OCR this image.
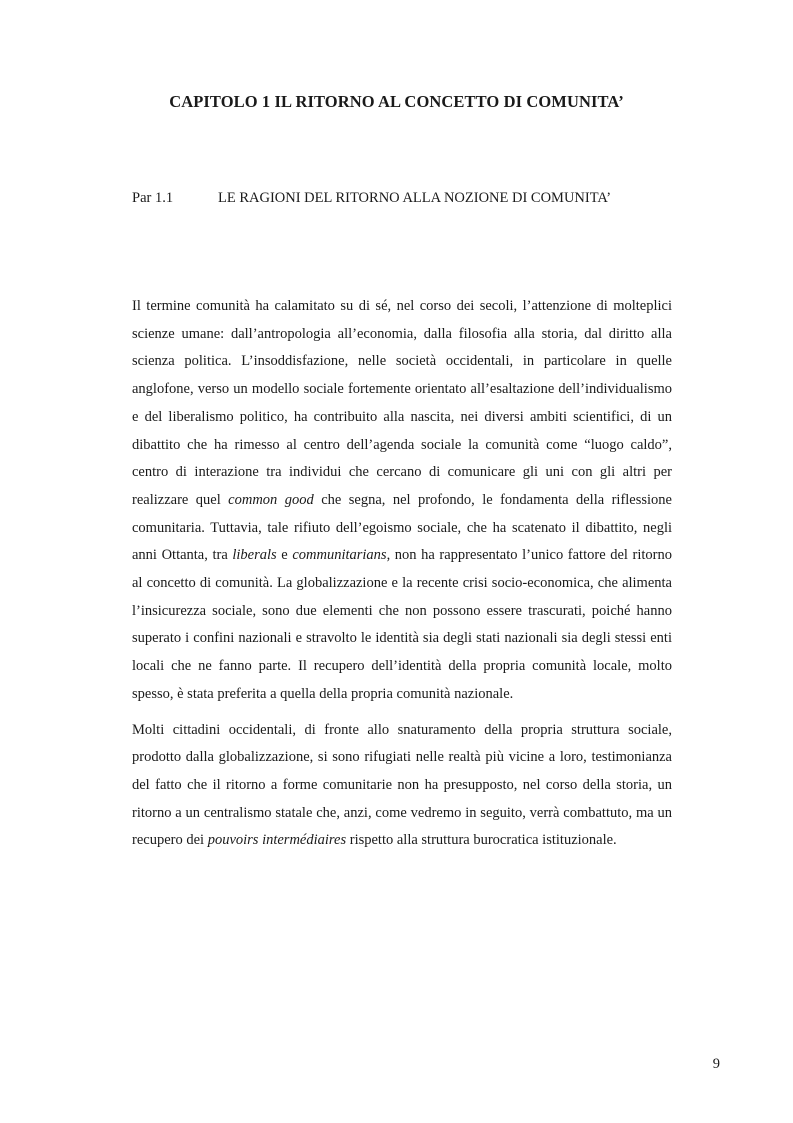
CAPITOLO 1 IL RITORNO AL CONCETTO DI COMUNITA’
Par 1.1	LE RAGIONI DEL RITORNO ALLA NOZIONE DI COMUNITA’

Il termine comunità ha calamitato su di sé, nel corso dei secoli, l’attenzione di molteplici scienze umane: dall’antropologia all’economia, dalla filosofia alla storia, dal diritto alla scienza politica. L’insoddisfazione, nelle società occidentali, in particolare in quelle anglofone, verso un modello sociale fortemente orientato all’esaltazione dell’individualismo e del liberalismo politico, ha contribuito alla nascita, nei diversi ambiti scientifici, di un dibattito che ha rimesso al centro dell’agenda sociale la comunità come “luogo caldo”, centro di interazione tra individui che cercano di comunicare gli uni con gli altri per realizzare quel common good che segna, nel profondo, le fondamenta della riflessione comunitaria. Tuttavia, tale rifiuto dell’egoismo sociale, che ha scatenato il dibattito, negli anni Ottanta, tra liberals e communitarians, non ha rappresentato l’unico fattore del ritorno al concetto di comunità. La globalizzazione e la recente crisi socio-economica, che alimenta l’insicurezza sociale, sono due elementi che non possono essere trascurati, poiché hanno superato i confini nazionali e stravolto le identità sia degli stati nazionali sia degli stessi enti locali che ne fanno parte. Il recupero dell’identità della propria comunità locale, molto spesso, è stata preferita a quella della propria comunità nazionale.

Molti cittadini occidentali, di fronte allo snaturamento della propria struttura sociale, prodotto dalla globalizzazione, si sono rifugiati nelle realtà più vicine a loro, testimonianza del fatto che il ritorno a forme comunitarie non ha presupposto, nel corso della storia, un ritorno a un centralismo statale che, anzi, come vedremo in seguito, verrà combattuto, ma un recupero dei pouvoirs intermédiaires rispetto alla struttura burocratica istituzionale.

9
